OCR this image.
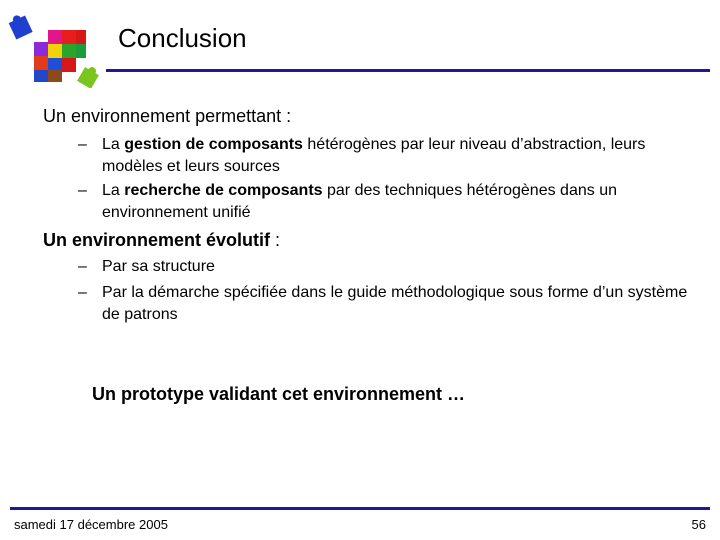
Conclusion
Un environnement permettant :
– La gestion de composants hétérogènes par leur niveau d’abstraction, leurs modèles et leurs sources
– La recherche de composants par des techniques hétérogènes dans un environnement unifié
Un environnement évolutif :
– Par sa structure
– Par la démarche spécifiée dans le guide méthodologique sous forme d’un système de patrons
Un prototype validant cet environnement …
samedi 17 décembre 2005	56
